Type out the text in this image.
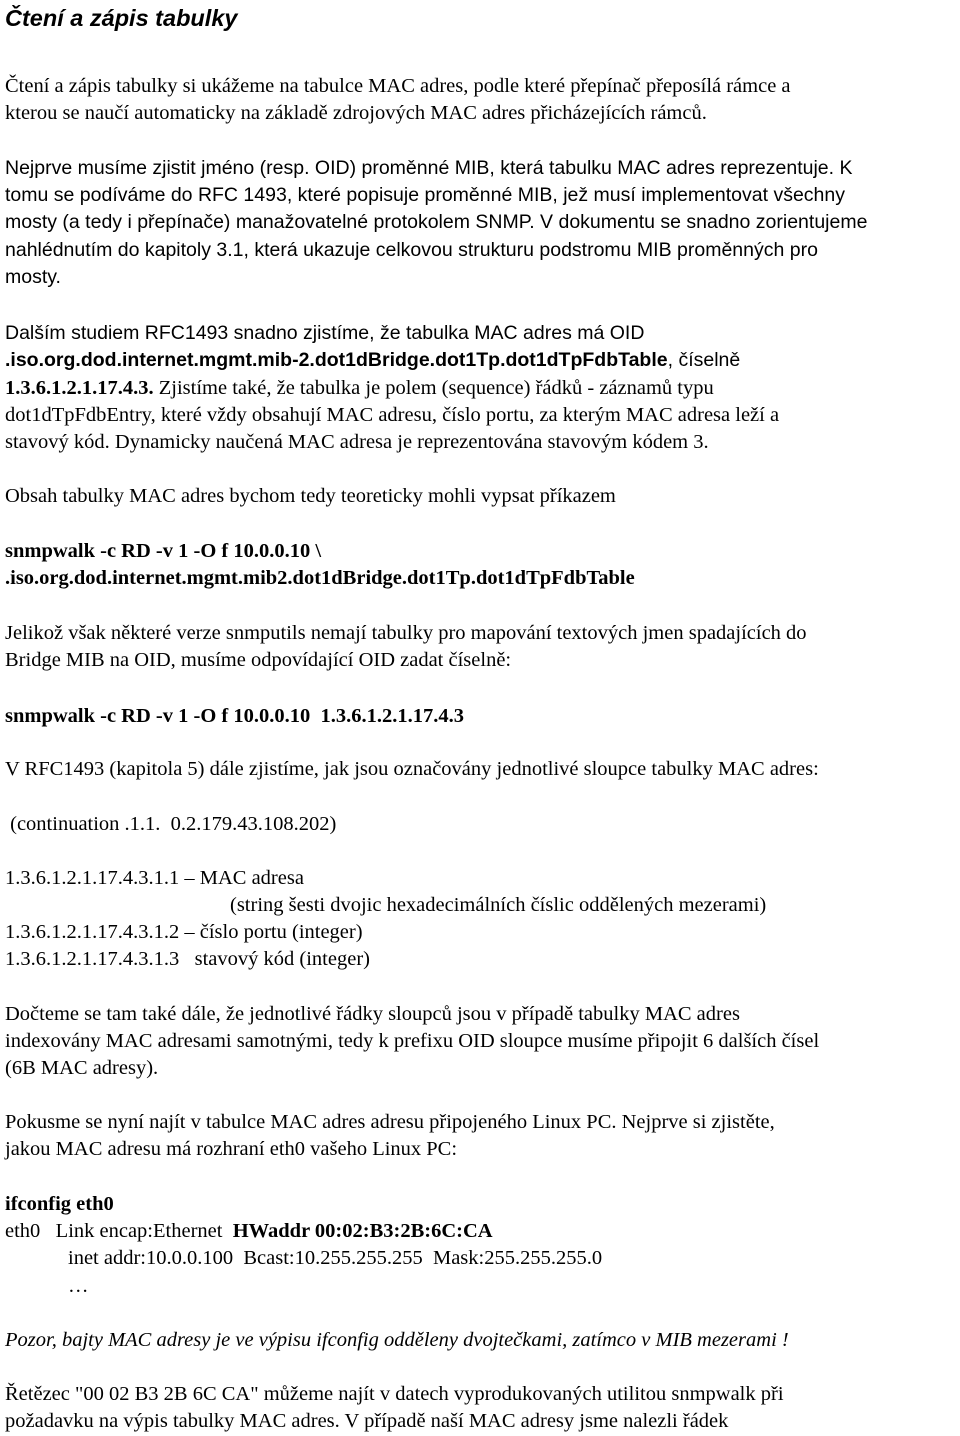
Čtení a zápis tabulky
Čtení a zápis tabulky si ukážeme na tabulce MAC adres, podle které přepínač přeposílá rámce a
kterou se naučí automaticky na základě zdrojových MAC adres přicházejících rámců.
Nejprve musíme zjistit jméno (resp. OID) proměnné MIB, která tabulku MAC adres reprezentuje. K
tomu se podíváme do RFC 1493, které popisuje proměnné MIB, jež musí implementovat všechny
mosty (a tedy i přepínače) manažovatelné protokolem SNMP. V dokumentu se snadno zorientujeme
nahlédnutím do kapitoly 3.1, která ukazuje celkovou strukturu podstromu MIB proměnných pro
mosty.
Dalším studiem RFC1493 snadno zjistíme, že tabulka MAC adres má OID
.iso.org.dod.internet.mgmt.mib-2.dot1dBridge.dot1Tp.dot1dTpFdbTable, číselně
1.3.6.1.2.1.17.4.3. Zjistíme také, že tabulka je polem (sequence) řádků - záznamů typu
dot1dTpFdbEntry, které vždy obsahují MAC adresu, číslo portu, za kterým MAC adresa leží a
stavový kód. Dynamicky naučená MAC adresa je reprezentována stavovým kódem 3.
Obsah tabulky MAC adres bychom tedy teoreticky mohli vypsat příkazem
snmpwalk -c RD -v 1 -O f 10.0.0.10 \
.iso.org.dod.internet.mgmt.mib2.dot1dBridge.dot1Tp.dot1dTpFdbTable
Jelikož však některé verze snmputils nemají tabulky pro mapování textových jmen spadajících do
Bridge MIB na OID, musíme odpovídající OID zadat číselně:
snmpwalk -c RD -v 1 -O f 10.0.0.10  1.3.6.1.2.1.17.4.3
V RFC1493 (kapitola 5) dále zjistíme, jak jsou označovány jednotlivé sloupce tabulky MAC adres:
(continuation .1.1.  0.2.179.43.108.202)
1.3.6.1.2.1.17.4.3.1.1 – MAC adresa
(string šesti dvojic hexadecimálních číslic oddělených mezerami)
1.3.6.1.2.1.17.4.3.1.2 – číslo portu (integer)
1.3.6.1.2.1.17.4.3.1.3   stavový kód (integer)
Dočteme se tam také dále, že jednotlivé řádky sloupců jsou v případě tabulky MAC adres
indexovány MAC adresami samotnými, tedy k prefixu OID sloupce musíme připojit 6 dalších čísel
(6B MAC adresy).
Pokusme se nyní najít v tabulce MAC adres adresu připojeného Linux PC. Nejprve si zjistěte,
jakou MAC adresu má rozhraní eth0 vašeho Linux PC:
ifconfig eth0
eth0   Link encap:Ethernet  HWaddr 00:02:B3:2B:6C:CA
inet addr:10.0.0.100  Bcast:10.255.255.255  Mask:255.255.255.0
…
Pozor, bajty MAC adresy je ve výpisu ifconfig odděleny dvojtečkami, zatímco v MIB mezerami !
Řetězec "00 02 B3 2B 6C CA" můžeme najít v datech vyprodukovaných utilitou snmpwalk při
požadavku na výpis tabulky MAC adres. V případě naší MAC adresy jsme nalezli řádek
